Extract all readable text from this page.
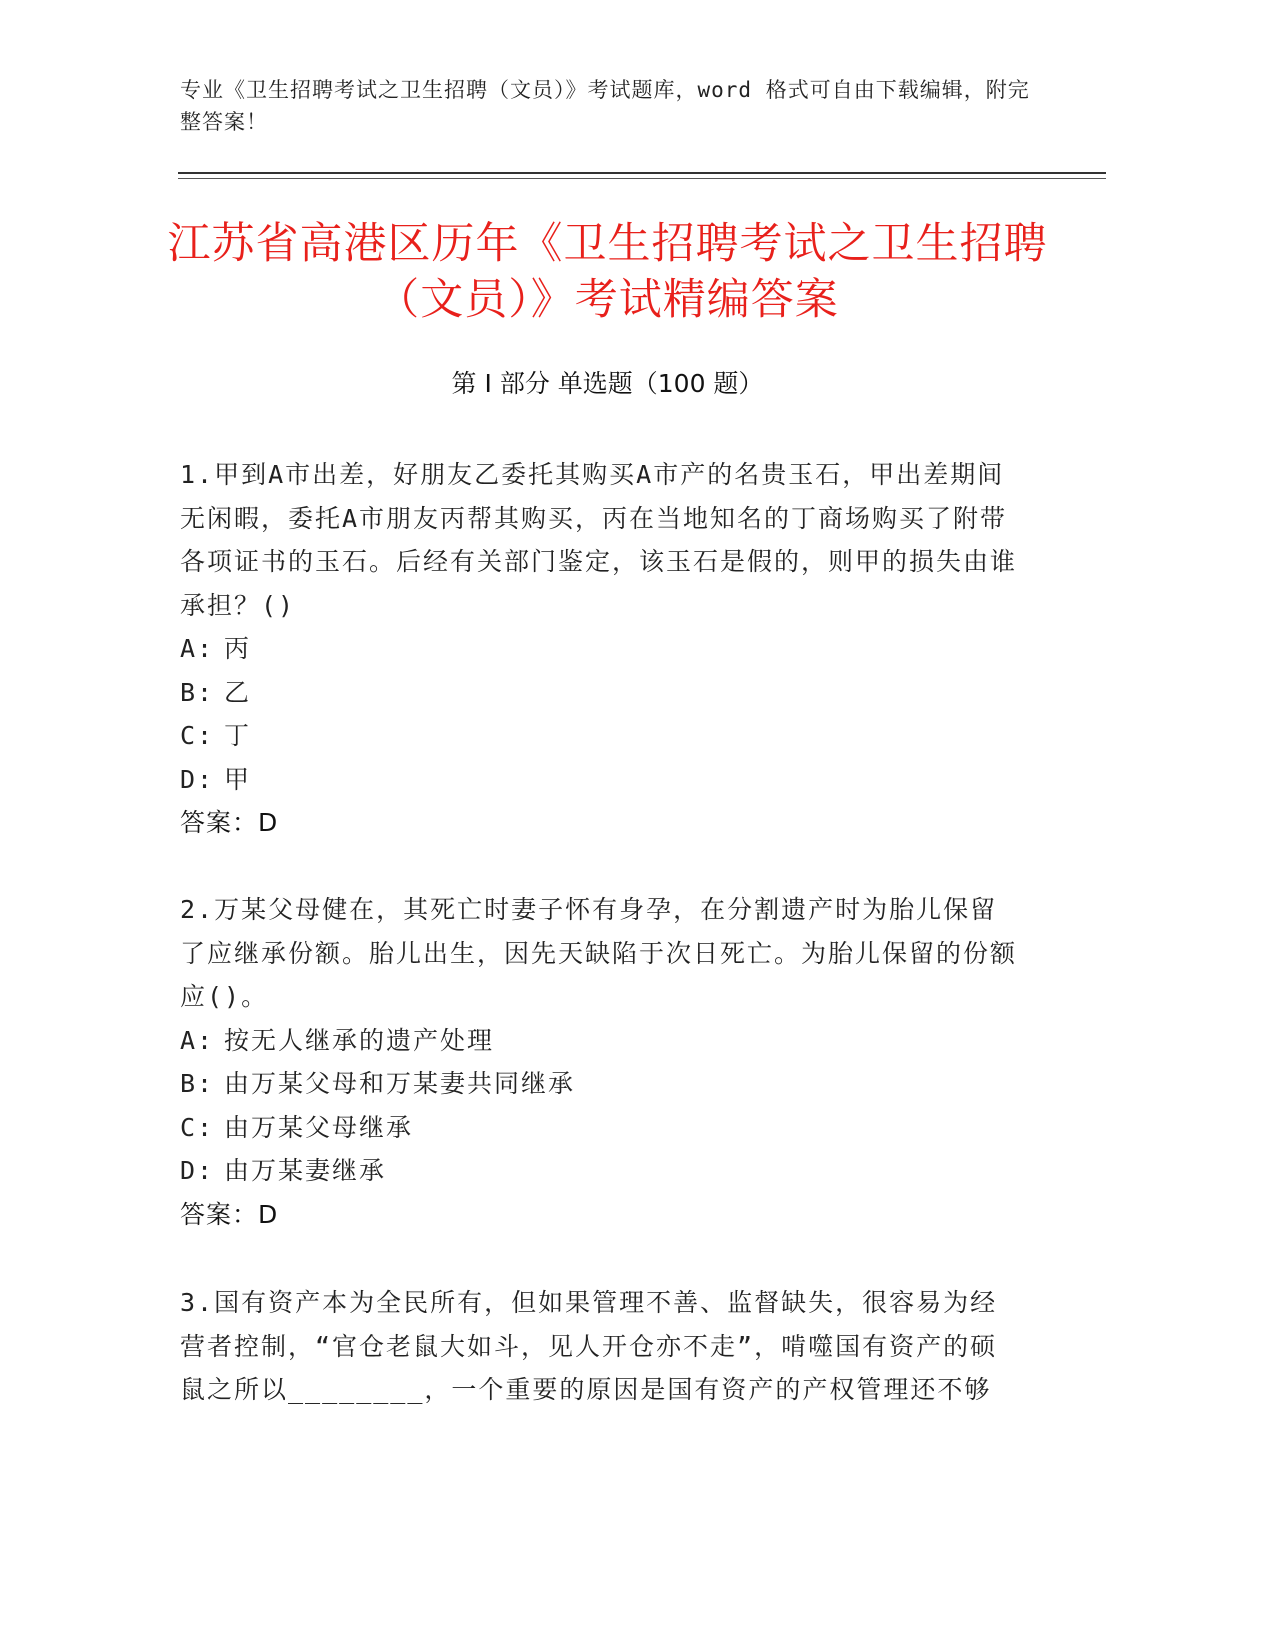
专业《卫生招聘考试之卫生招聘（文员）》考试题库，word 格式可自由下载编辑，附完整答案！
江苏省高港区历年《卫生招聘考试之卫生招聘（文员）》考试精编答案
第 I 部分 单选题（100 题）
1.甲到A市出差，好朋友乙委托其购买A市产的名贵玉石，甲出差期间无闲暇，委托A市朋友丙帮其购买，丙在当地知名的丁商场购买了附带各项证书的玉石。后经有关部门鉴定，该玉石是假的，则甲的损失由谁承担？()
A: 丙
B: 乙
C: 丁
D: 甲
答案：D
2.万某父母健在，其死亡时妻子怀有身孕，在分割遗产时为胎儿保留了应继承份额。胎儿出生，因先天缺陷于次日死亡。为胎儿保留的份额应()。
A: 按无人继承的遗产处理
B: 由万某父母和万某妻共同继承
C: 由万某父母继承
D: 由万某妻继承
答案：D
3.国有资产本为全民所有，但如果管理不善、监督缺失，很容易为经营者控制，“官仓老鼠大如斗，见人开仓亦不走”，啃噬国有资产的硕鼠之所以________，一个重要的原因是国有资产的产权管理还不够
